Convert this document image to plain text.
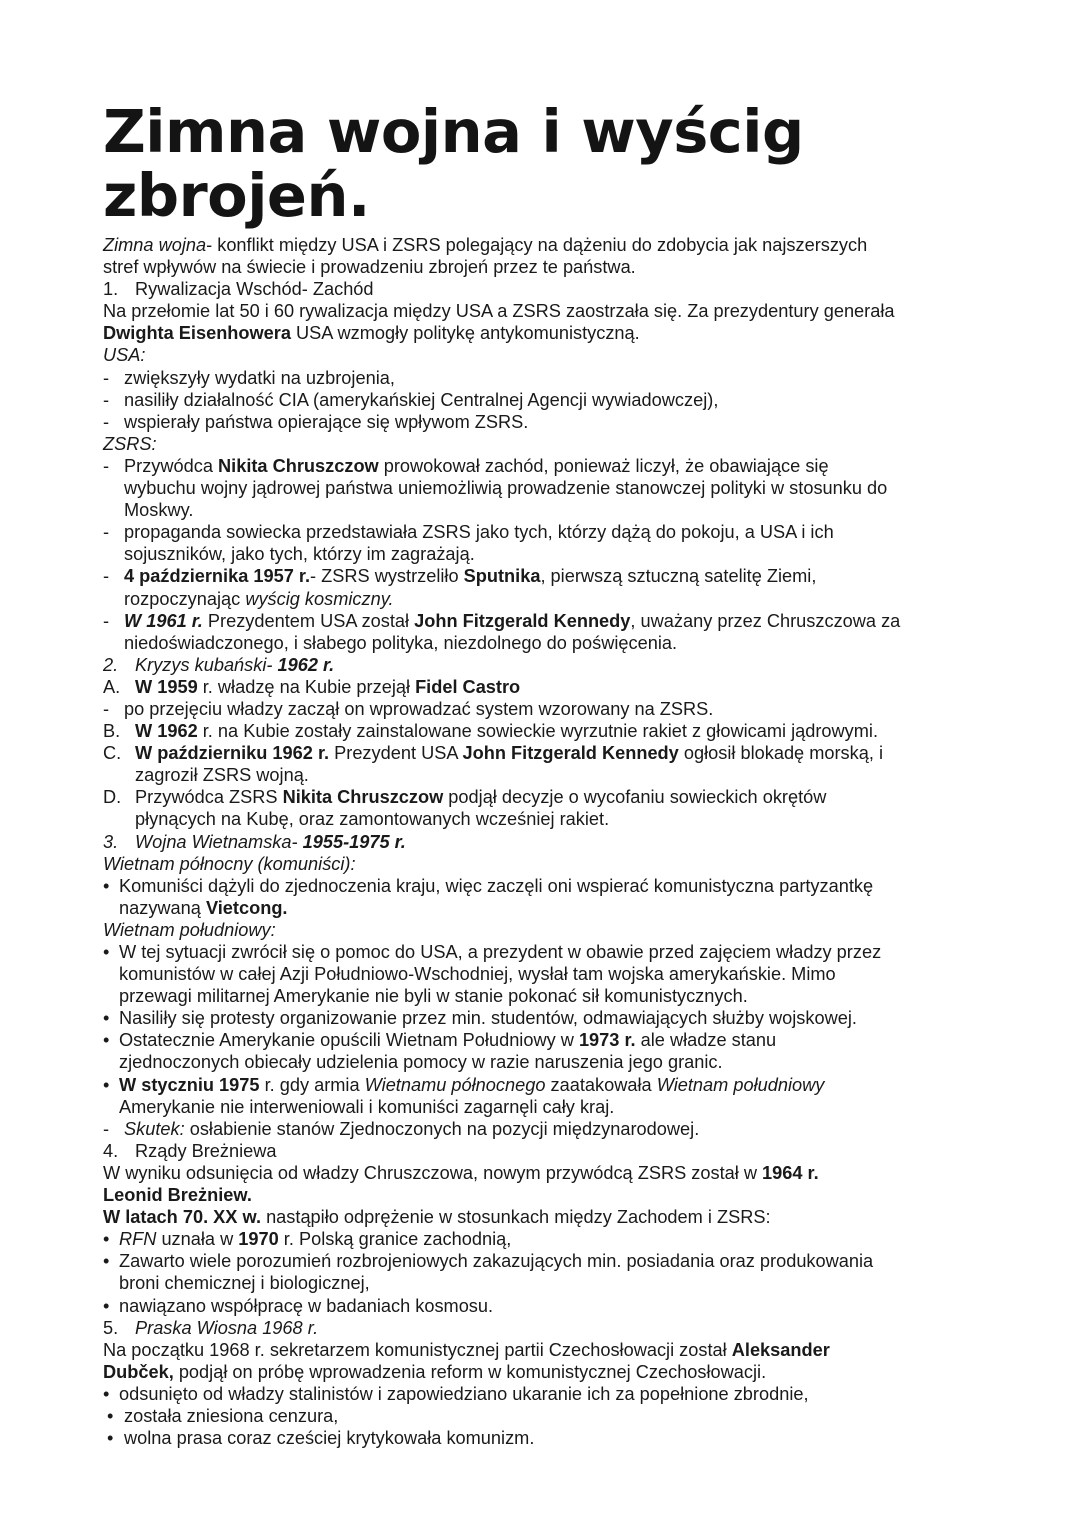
Zimna wojna i wyścig zbrojeń.
Zimna wojna- konflikt między USA i ZSRS polegający na dążeniu do zdobycia jak najszerszych
stref wpływów na świecie i prowadzeniu zbrojeń przez te państwa.
1. Rywalizacja Wschód- Zachód
Na przełomie lat 50 i 60 rywalizacja między USA a ZSRS zaostrzała się. Za prezydentury generała
Dwighta Eisenhowera USA wzmogły politykę antykomunistyczną.
USA:
- zwiększyły wydatki na uzbrojenia,
- nasiliły działalność CIA (amerykańskiej Centralnej Agencji wywiadowczej),
- wspierały państwa opierające się wpływom ZSRS.
ZSRS:
- Przywódca Nikita Chruszczow prowokował zachód, ponieważ liczył, że obawiające się
wybuchu wojny jądrowej państwa uniemożliwią prowadzenie stanowczej polityki w stosunku do
Moskwy.
- propaganda sowiecka przedstawiała ZSRS jako tych, którzy dążą do pokoju, a USA i ich
sojuszników, jako tych, którzy im zagrażają.
- 4 października 1957 r.- ZSRS wystrzeliło Sputnika, pierwszą sztuczną satelitę Ziemi,
rozpoczynając wyścig kosmiczny.
- W 1961 r. Prezydentem USA został John Fitzgerald Kennedy, uważany przez Chruszczowa za
niedoświadczonego, i słabego polityka, niezdolnego do poświęcenia.
2. Kryzys kubański- 1962 r.
A. W 1959 r. władzę na Kubie przejął Fidel Castro
- po przejęciu władzy zaczął on wprowadzać system wzorowany na ZSRS.
B. W 1962 r. na Kubie zostały zainstalowane sowieckie wyrzutnie rakiet z głowicami jądrowymi.
C. W październiku 1962 r. Prezydent USA John Fitzgerald Kennedy ogłosił blokadę morską, i
zagroził ZSRS wojną.
D. Przywódca ZSRS Nikita Chruszczow podjął decyzje o wycofaniu sowieckich okrętów
płynących na Kubę, oraz zamontowanych wcześniej rakiet.
3. Wojna Wietnamska- 1955-1975 r.
Wietnam północny (komuniści):
• Komuniści dążyli do zjednoczenia kraju, więc zaczęli oni wspierać komunistyczna partyzantkę
nazywaną Vietcong.
Wietnam południowy:
• W tej sytuacji zwrócił się o pomoc do USA, a prezydent w obawie przed zajęciem władzy przez
komunistów w całej Azji Południowo-Wschodniej, wysłał tam wojska amerykańskie. Mimo
przewagi militarnej Amerykanie nie byli w stanie pokonać sił komunistycznych.
• Nasiliły się protesty organizowanie przez min. studentów, odmawiających służby wojskowej.
• Ostatecznie Amerykanie opuścili Wietnam Południowy w 1973 r. ale władze stanu
zjednoczonych obiecały udzielenia pomocy w razie naruszenia jego granic.
• W styczniu 1975 r. gdy armia Wietnamu północnego zaatakowała Wietnam południowy
Amerykanie nie interweniowali i komuniści zagarnęli cały kraj.
- Skutek: osłabienie stanów Zjednoczonych na pozycji międzynarodowej.
4. Rządy Breżniewa
W wyniku odsunięcia od władzy Chruszczowa, nowym przywódcą ZSRS został w 1964 r.
Leonid Breżniew.
W latach 70. XX w. nastąpiło odprężenie w stosunkach między Zachodem i ZSRS:
• RFN uznała w 1970 r. Polską granice zachodnią,
• Zawarto wiele porozumień rozbrojeniowych zakazujących min. posiadania oraz produkowania
broni chemicznej i biologicznej,
• nawiązano współpracę w badaniach kosmosu.
5. Praska Wiosna 1968 r.
Na początku 1968 r. sekretarzem komunistycznej partii Czechosłowacji został Aleksander
Dubček, podjął on próbę wprowadzenia reform w komunistycznej Czechosłowacji.
• odsunięto od władzy stalinistów i zapowiedziano ukaranie ich za popełnione zbrodnie,
• została zniesiona cenzura,
• wolna prasa coraz cześciej krytykowała komunizm.
